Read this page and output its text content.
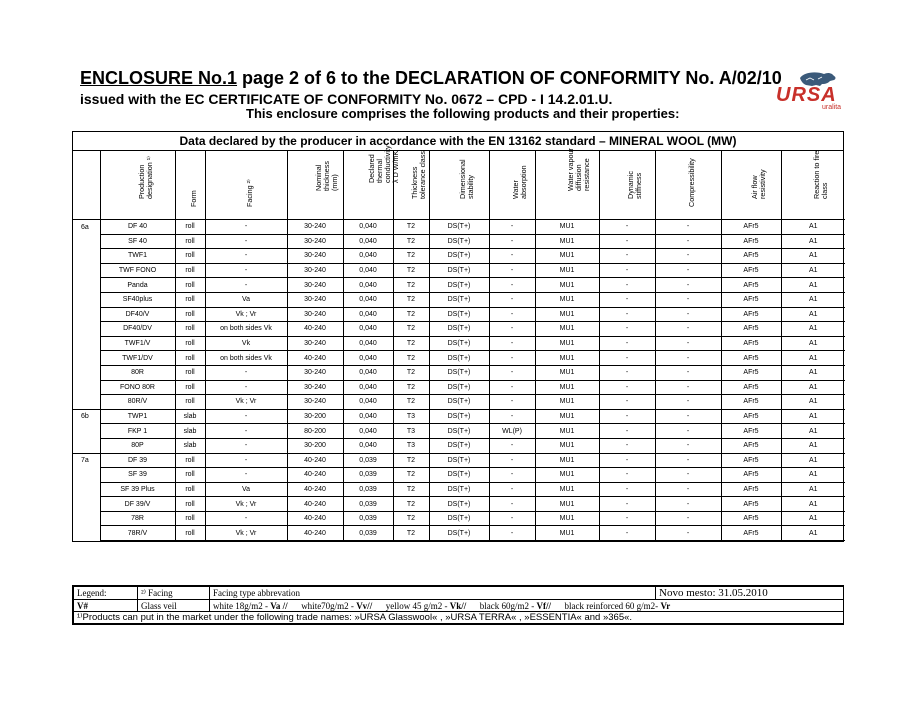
ENCLOSURE No.1 page 2 of 6 to the DECLARATION OF CONFORMITY No. A/02/10
issued with the EC CERTIFICATE OF CONFORMITY No. 0672 – CPD - I 14.2.01.U.
This enclosure comprises the following products and their properties:
URSA
uralita
Data declared by the producer in accordance with the EN 13162 standard – MINERAL WOOL (MW)

	Production
designation ¹⁾	Form	Facing ²⁾	Nominal
thickness
(mm)	Declared
thermal
conductivity
λ D W/mK	Thickness
tolerance class	Dimensional
stability	Water
absorption	Water vapour
diffusion
resistance	Dynamic
stiffness	Compressibility	Air flow
resistivity	Reaction to fire
class

6a	DF 40	roll	-	30-240	0,040	T2	DS(T+)	-	MU1	-	-	AFr5	A1
	SF 40	roll	-	30-240	0,040	T2	DS(T+)	-	MU1	-	-	AFr5	A1
	TWF1	roll	-	30-240	0,040	T2	DS(T+)	-	MU1	-	-	AFr5	A1
	TWF FONO	roll	-	30-240	0,040	T2	DS(T+)	-	MU1	-	-	AFr5	A1
	Panda	roll	-	30-240	0,040	T2	DS(T+)	-	MU1	-	-	AFr5	A1
	SF40plus	roll	Va	30-240	0,040	T2	DS(T+)	-	MU1	-	-	AFr5	A1
	DF40/V	roll	Vk ; Vr	30-240	0,040	T2	DS(T+)	-	MU1	-	-	AFr5	A1
	DF40/DV	roll	on both sides Vk	40-240	0,040	T2	DS(T+)	-	MU1	-	-	AFr5	A1
	TWF1/V	roll	Vk	30-240	0,040	T2	DS(T+)	-	MU1	-	-	AFr5	A1
	TWF1/DV	roll	on both sides Vk	40-240	0,040	T2	DS(T+)	-	MU1	-	-	AFr5	A1
	80R	roll	-	30-240	0,040	T2	DS(T+)	-	MU1	-	-	AFr5	A1
	FONO 80R	roll	-	30-240	0,040	T2	DS(T+)	-	MU1	-	-	AFr5	A1
	80R/V	roll	Vk ; Vr	30-240	0,040	T2	DS(T+)	-	MU1	-	-	AFr5	A1
6b	TWP1	slab	-	30-200	0,040	T3	DS(T+)	-	MU1	-	-	AFr5	A1
	FKP 1	slab	-	80-200	0,040	T3	DS(T+)	WL(P)	MU1	-	-	AFr5	A1
	80P	slab	-	30-200	0,040	T3	DS(T+)	-	MU1	-	-	AFr5	A1
7a	DF 39	roll	-	40-240	0,039	T2	DS(T+)	-	MU1	-	-	AFr5	A1
	SF 39	roll	-	40-240	0,039	T2	DS(T+)	-	MU1	-	-	AFr5	A1
	SF 39 Plus	roll	Va	40-240	0,039	T2	DS(T+)	-	MU1	-	-	AFr5	A1
	DF 39/V	roll	Vk ; Vr	40-240	0,039	T2	DS(T+)	-	MU1	-	-	AFr5	A1
	78R	roll	-	40-240	0,039	T2	DS(T+)	-	MU1	-	-	AFr5	A1
	78R/V	roll	Vk ; Vr	40-240	0,039	T2	DS(T+)	-	MU1	-	-	AFr5	A1
Legend:	²⁾ Facing	Facing type abbrevation	Novo mesto: 31.05.2010
V#	Glass veil	white 18g/m2 - Va // white70g/m2 - Vv// yellow 45 g/m2 - Vk// black 60g/m2 - Vf// black reinforced 60 g/m2- Vr	
¹⁾Products can put in the market under the following trade names: »URSA Glasswool« , »URSA TERRA« , »ESSENTIA« and »365«.			
